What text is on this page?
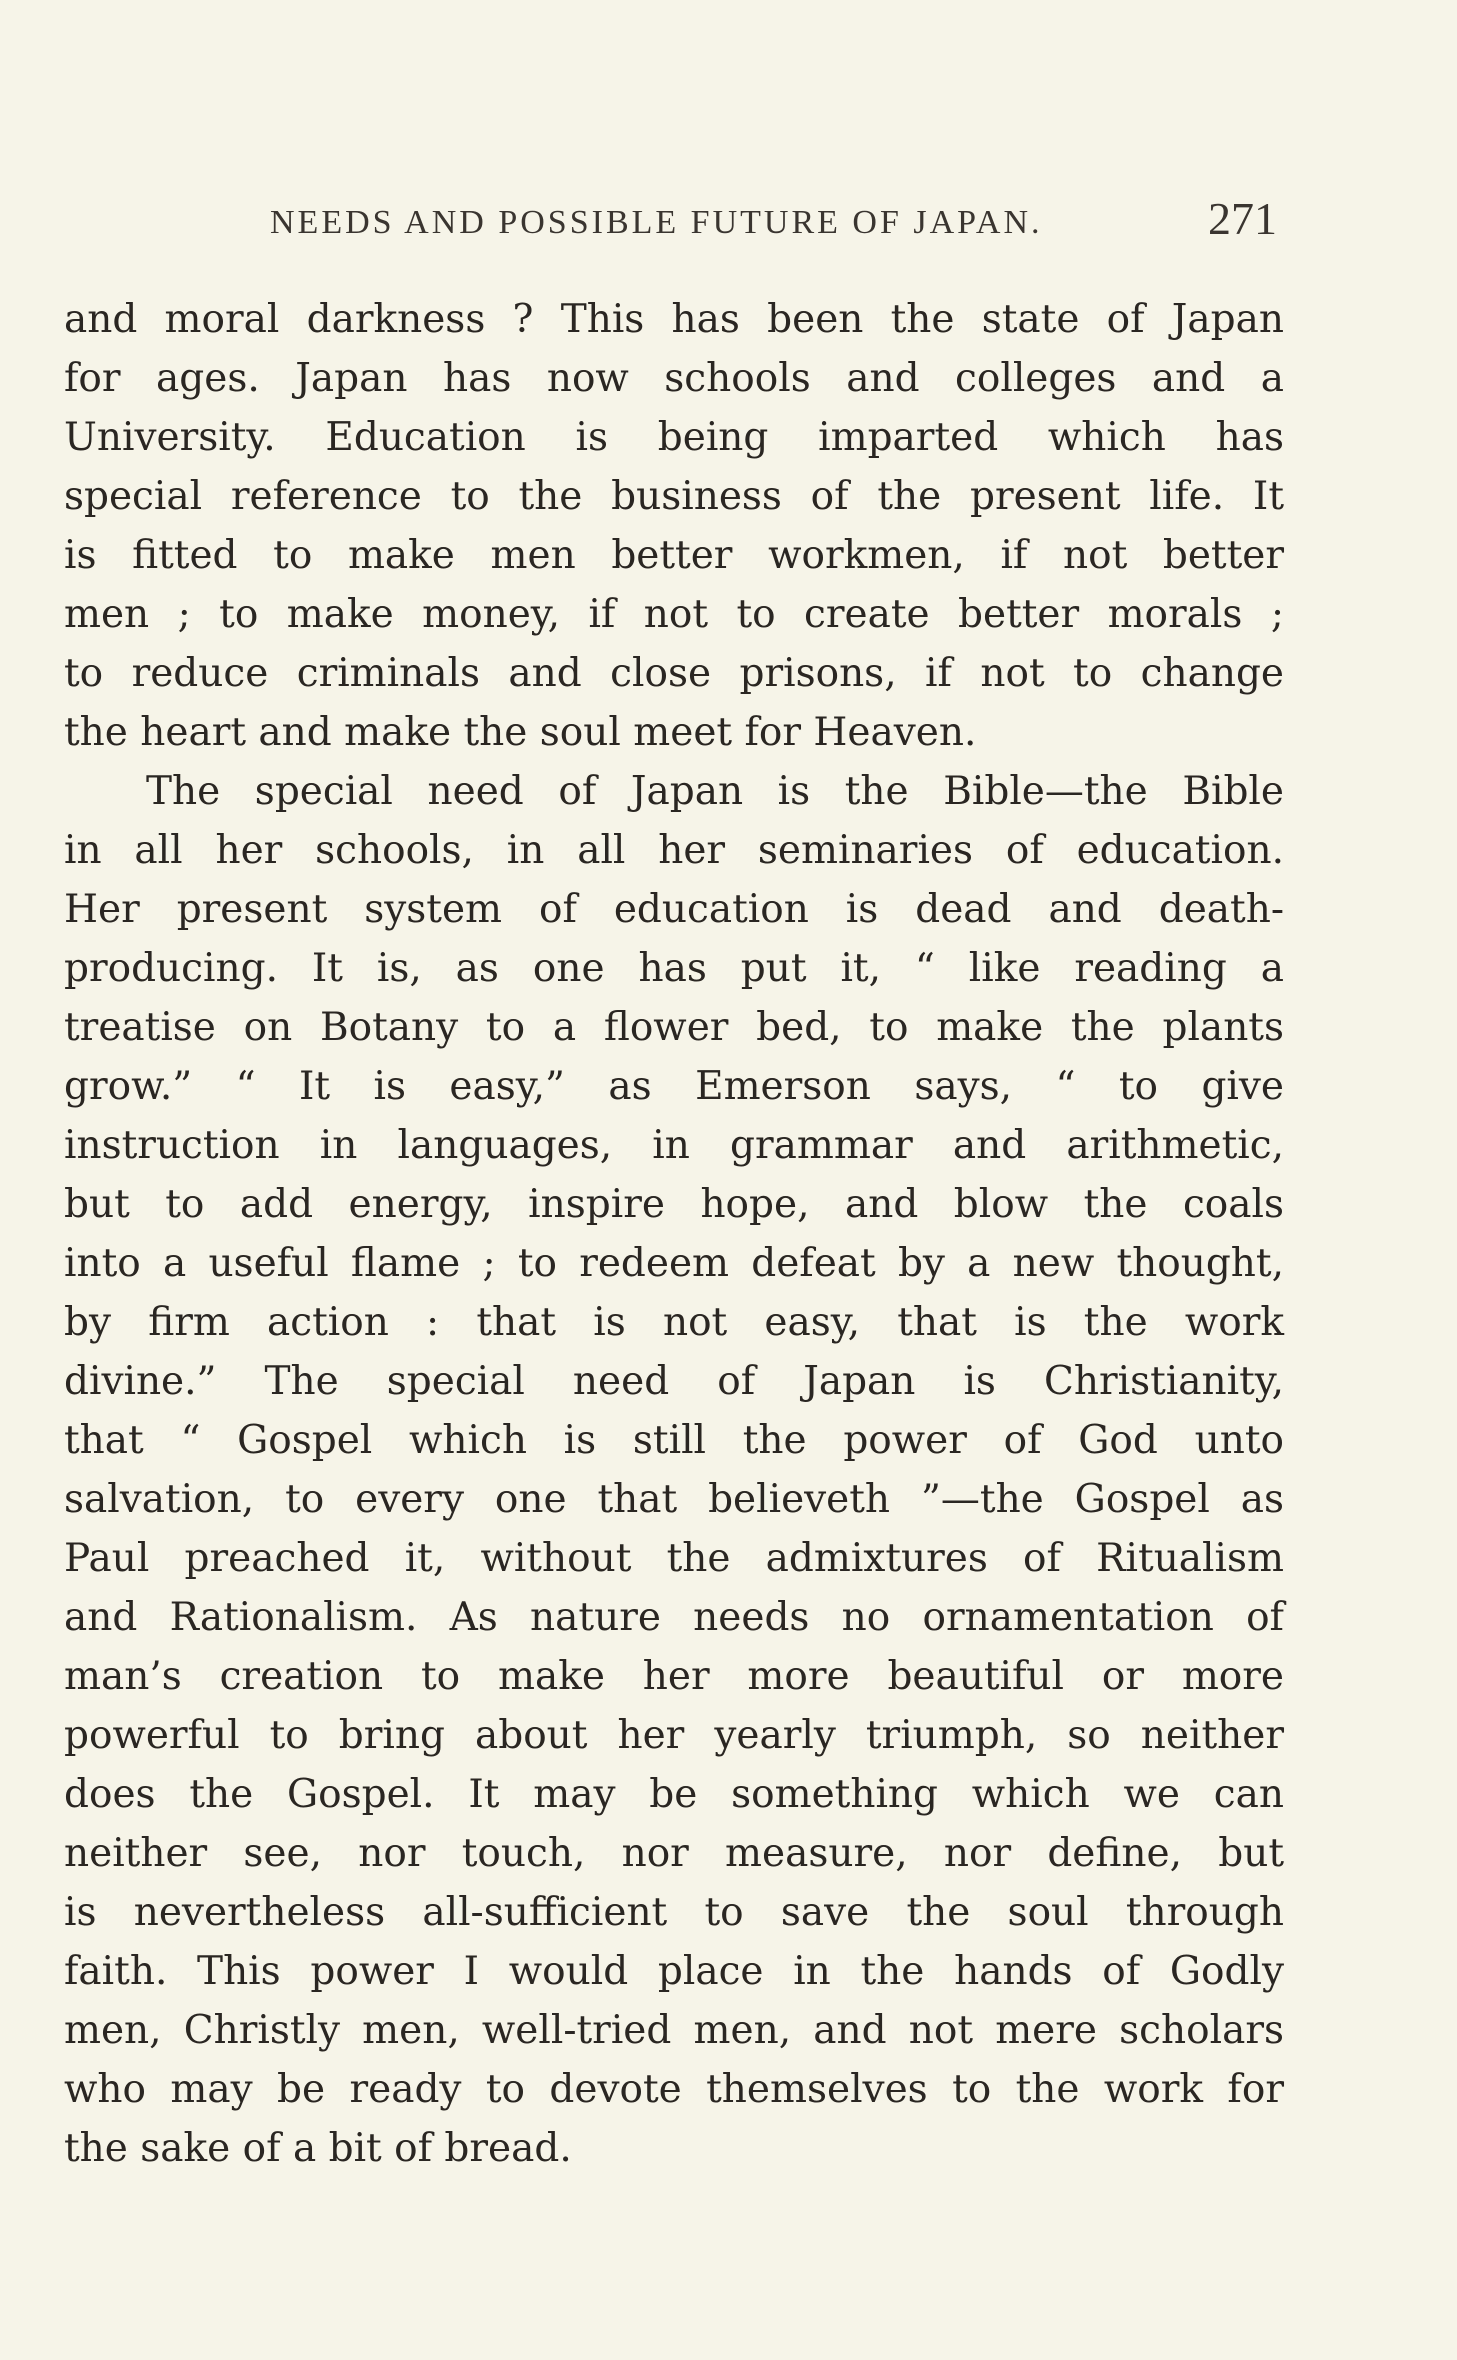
NEEDS AND POSSIBLE FUTURE OF JAPAN.	271
and moral darkness ? This has been the state of Japan
for ages. Japan has now schools and colleges and a
University. Education is being imparted which has
special reference to the business of the present life. It
is fitted to make men better workmen, if not better
men ; to make money, if not to create better morals ;
to reduce criminals and close prisons, if not to change
the heart and make the soul meet for Heaven.
The special need of Japan is the Bible—the Bible
in all her schools, in all her seminaries of education.
Her present system of education is dead and death-
producing. It is, as one has put it, “ like reading a
treatise on Botany to a flower bed, to make the plants
grow.” “ It is easy,” as Emerson says, “ to give
instruction in languages, in grammar and arithmetic,
but to add energy, inspire hope, and blow the coals
into a useful flame ; to redeem defeat by a new thought,
by firm action : that is not easy, that is the work
divine.” The special need of Japan is Christianity,
that “ Gospel which is still the power of God unto
salvation, to every one that believeth ”—the Gospel as
Paul preached it, without the admixtures of Ritualism
and Rationalism. As nature needs no ornamentation of
man’s creation to make her more beautiful or more
powerful to bring about her yearly triumph, so neither
does the Gospel. It may be something which we can
neither see, nor touch, nor measure, nor define, but
is nevertheless all-sufficient to save the soul through
faith. This power I would place in the hands of Godly
men, Christly men, well-tried men, and not mere scholars
who may be ready to devote themselves to the work for
the sake of a bit of bread.
